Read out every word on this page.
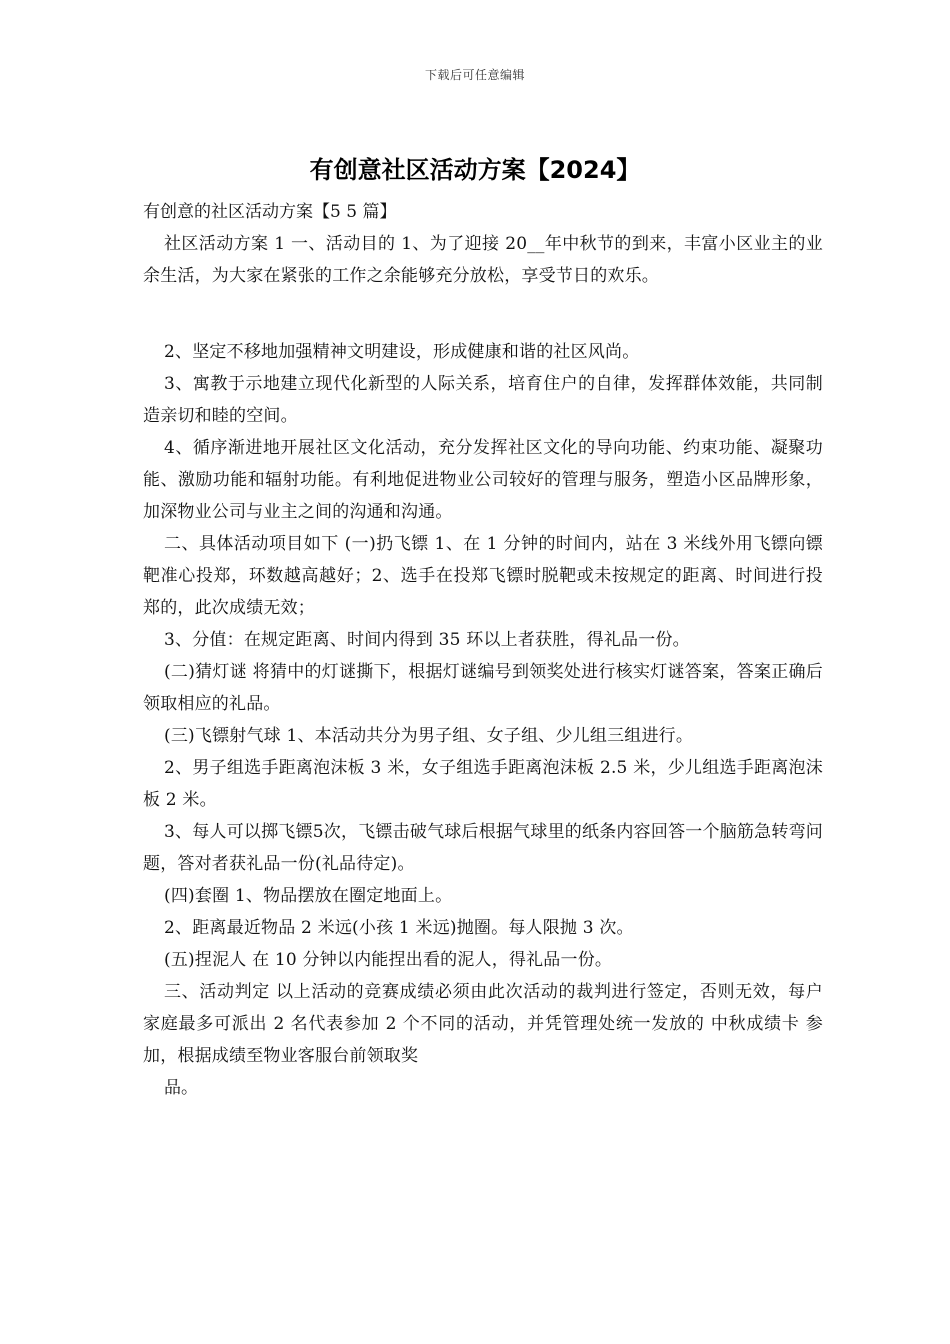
下载后可任意编辑
有创意社区活动方案【2024】

有创意的社区活动方案【5 5 篇】

社区活动方案 1 一、活动目的 1、为了迎接 20__年中秋节的到来，丰富小区业主的业余生活，为大家在紧张的工作之余能够充分放松，享受节日的欢乐。

2、坚定不移地加强精神文明建设，形成健康和谐的社区风尚。

3、寓教于示地建立现代化新型的人际关系，培育住户的自律，发挥群体效能，共同制造亲切和睦的空间。

4、循序渐进地开展社区文化活动，充分发挥社区文化的导向功能、约束功能、凝聚功能、激励功能和辐射功能。有利地促进物业公司较好的管理与服务，塑造小区品牌形象，加深物业公司与业主之间的沟通和沟通。

二、具体活动项目如下 (一)扔飞镖 1、在 1 分钟的时间内，站在 3 米线外用飞镖向镖靶准心投郑，环数越高越好；2、选手在投郑飞镖时脱靶或未按规定的距离、时间进行投郑的，此次成绩无效；

3、分值：在规定距离、时间内得到 35 环以上者获胜，得礼品一份。

(二)猜灯谜 将猜中的灯谜撕下，根据灯谜编号到领奖处进行核实灯谜答案，答案正确后领取相应的礼品。

(三)飞镖射气球 1、本活动共分为男子组、女子组、少儿组三组进行。

2、男子组选手距离泡沫板 3 米，女子组选手距离泡沫板 2.5 米，少儿组选手距离泡沫板 2 米。

3、每人可以掷飞镖5次，飞镖击破气球后根据气球里的纸条内容回答一个脑筋急转弯问题，答对者获礼品一份(礼品待定)。

(四)套圈 1、物品摆放在圈定地面上。

2、距离最近物品 2 米远(小孩 1 米远)抛圈。每人限抛 3 次。

(五)捏泥人 在 10 分钟以内能捏出看的泥人，得礼品一份。

三、活动判定 以上活动的竞赛成绩必须由此次活动的裁判进行签定，否则无效，每户家庭最多可派出 2 名代表参加 2 个不同的活动，并凭管理处统一发放的 中秋成绩卡 参加，根据成绩至物业客服台前领取奖

品。
